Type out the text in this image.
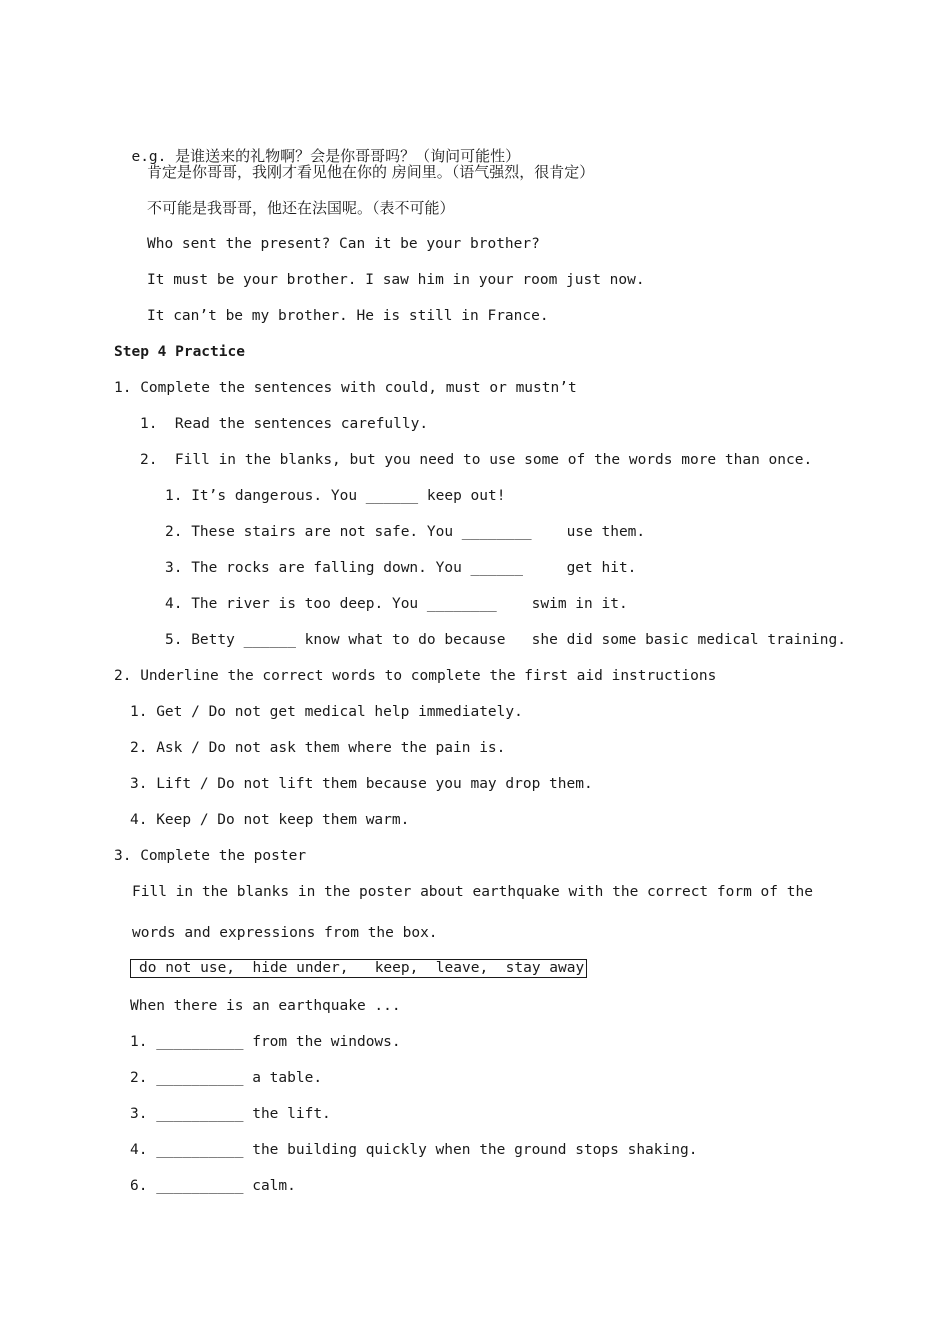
e.g. 是谁送来的礼物啊？会是你哥哥吗？（询问可能性）

肯定是你哥哥，我刚才看见他在你的 房间里。（语气强烈，很肯定）
不可能是我哥哥，他还在法国呢。（表不可能）
Who sent the present? Can it be your brother?
It must be your brother. I saw him in your room just now.
It can’t be my brother. He is still in France.
Step 4 Practice
1. Complete the sentences with could, must or mustn’t
1.  Read the sentences carefully.
2.  Fill in the blanks, but you need to use some of the words more than once.
1. It’s dangerous. You ______ keep out!
2. These stairs are not safe. You ________    use them.
3. The rocks are falling down. You ______     get hit.
4. The river is too deep. You ________    swim in it.
5. Betty ______ know what to do because   she did some basic medical training.
2. Underline the correct words to complete the first aid instructions
1. Get / Do not get medical help immediately.
2. Ask / Do not ask them where the pain is.
3. Lift / Do not lift them because you may drop them.
4. Keep / Do not keep them warm.
3. Complete the poster
Fill in the blanks in the poster about earthquake with the correct form of the
words and expressions from the box.
do not use,  hide under,   keep,  leave,  stay away
When there is an earthquake ...
1. __________ from the windows.
2. __________ a table.
3. __________ the lift.
4. __________ the building quickly when the ground stops shaking.
6. __________ calm.
